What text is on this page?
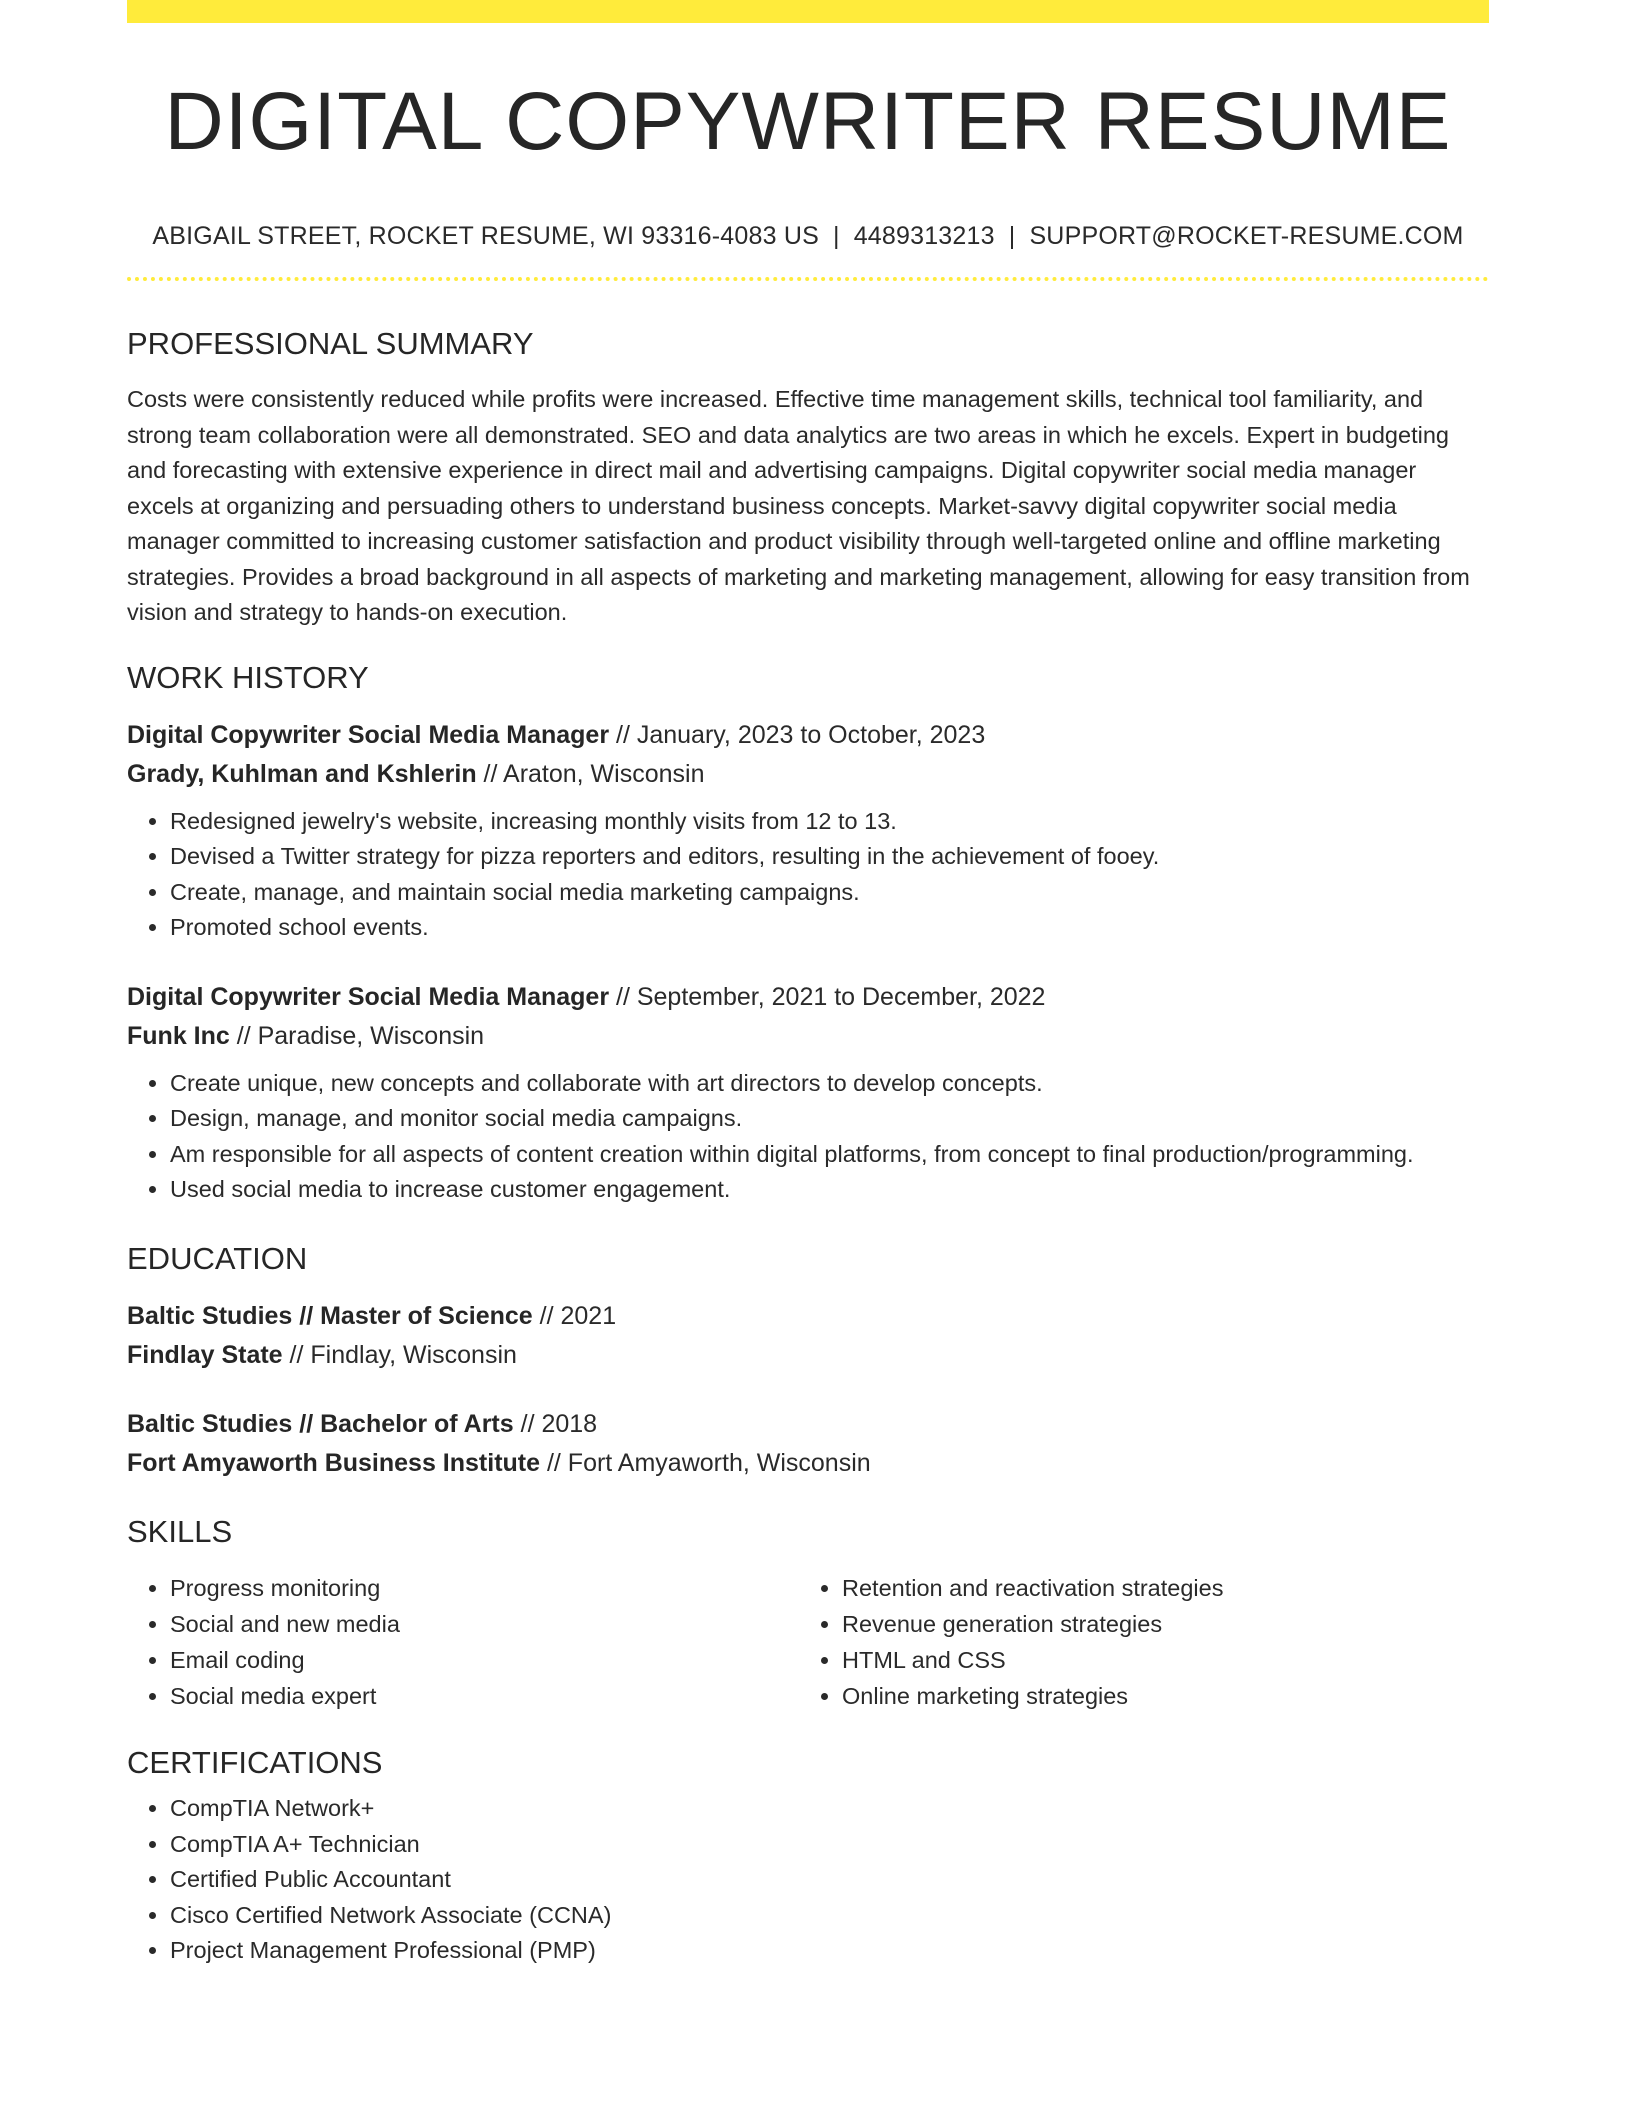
DIGITAL COPYWRITER RESUME
ABIGAIL STREET, ROCKET RESUME, WI 93316-4083 US | 4489313213 | SUPPORT@ROCKET-RESUME.COM
PROFESSIONAL SUMMARY
Costs were consistently reduced while profits were increased. Effective time management skills, technical tool familiarity, and strong team collaboration were all demonstrated. SEO and data analytics are two areas in which he excels. Expert in budgeting and forecasting with extensive experience in direct mail and advertising campaigns. Digital copywriter social media manager excels at organizing and persuading others to understand business concepts. Market-savvy digital copywriter social media manager committed to increasing customer satisfaction and product visibility through well-targeted online and offline marketing strategies. Provides a broad background in all aspects of marketing and marketing management, allowing for easy transition from vision and strategy to hands-on execution.
WORK HISTORY
Digital Copywriter Social Media Manager // January, 2023 to October, 2023
Grady, Kuhlman and Kshlerin // Araton, Wisconsin
• Redesigned jewelry's website, increasing monthly visits from 12 to 13.
• Devised a Twitter strategy for pizza reporters and editors, resulting in the achievement of fooey.
• Create, manage, and maintain social media marketing campaigns.
• Promoted school events.
Digital Copywriter Social Media Manager // September, 2021 to December, 2022
Funk Inc // Paradise, Wisconsin
• Create unique, new concepts and collaborate with art directors to develop concepts.
• Design, manage, and monitor social media campaigns.
• Am responsible for all aspects of content creation within digital platforms, from concept to final production/programming.
• Used social media to increase customer engagement.
EDUCATION
Baltic Studies // Master of Science // 2021
Findlay State // Findlay, Wisconsin
Baltic Studies // Bachelor of Arts // 2018
Fort Amyaworth Business Institute // Fort Amyaworth, Wisconsin
SKILLS
• Progress monitoring
• Social and new media
• Email coding
• Social media expert
• Retention and reactivation strategies
• Revenue generation strategies
• HTML and CSS
• Online marketing strategies
CERTIFICATIONS
• CompTIA Network+
• CompTIA A+ Technician
• Certified Public Accountant
• Cisco Certified Network Associate (CCNA)
• Project Management Professional (PMP)
